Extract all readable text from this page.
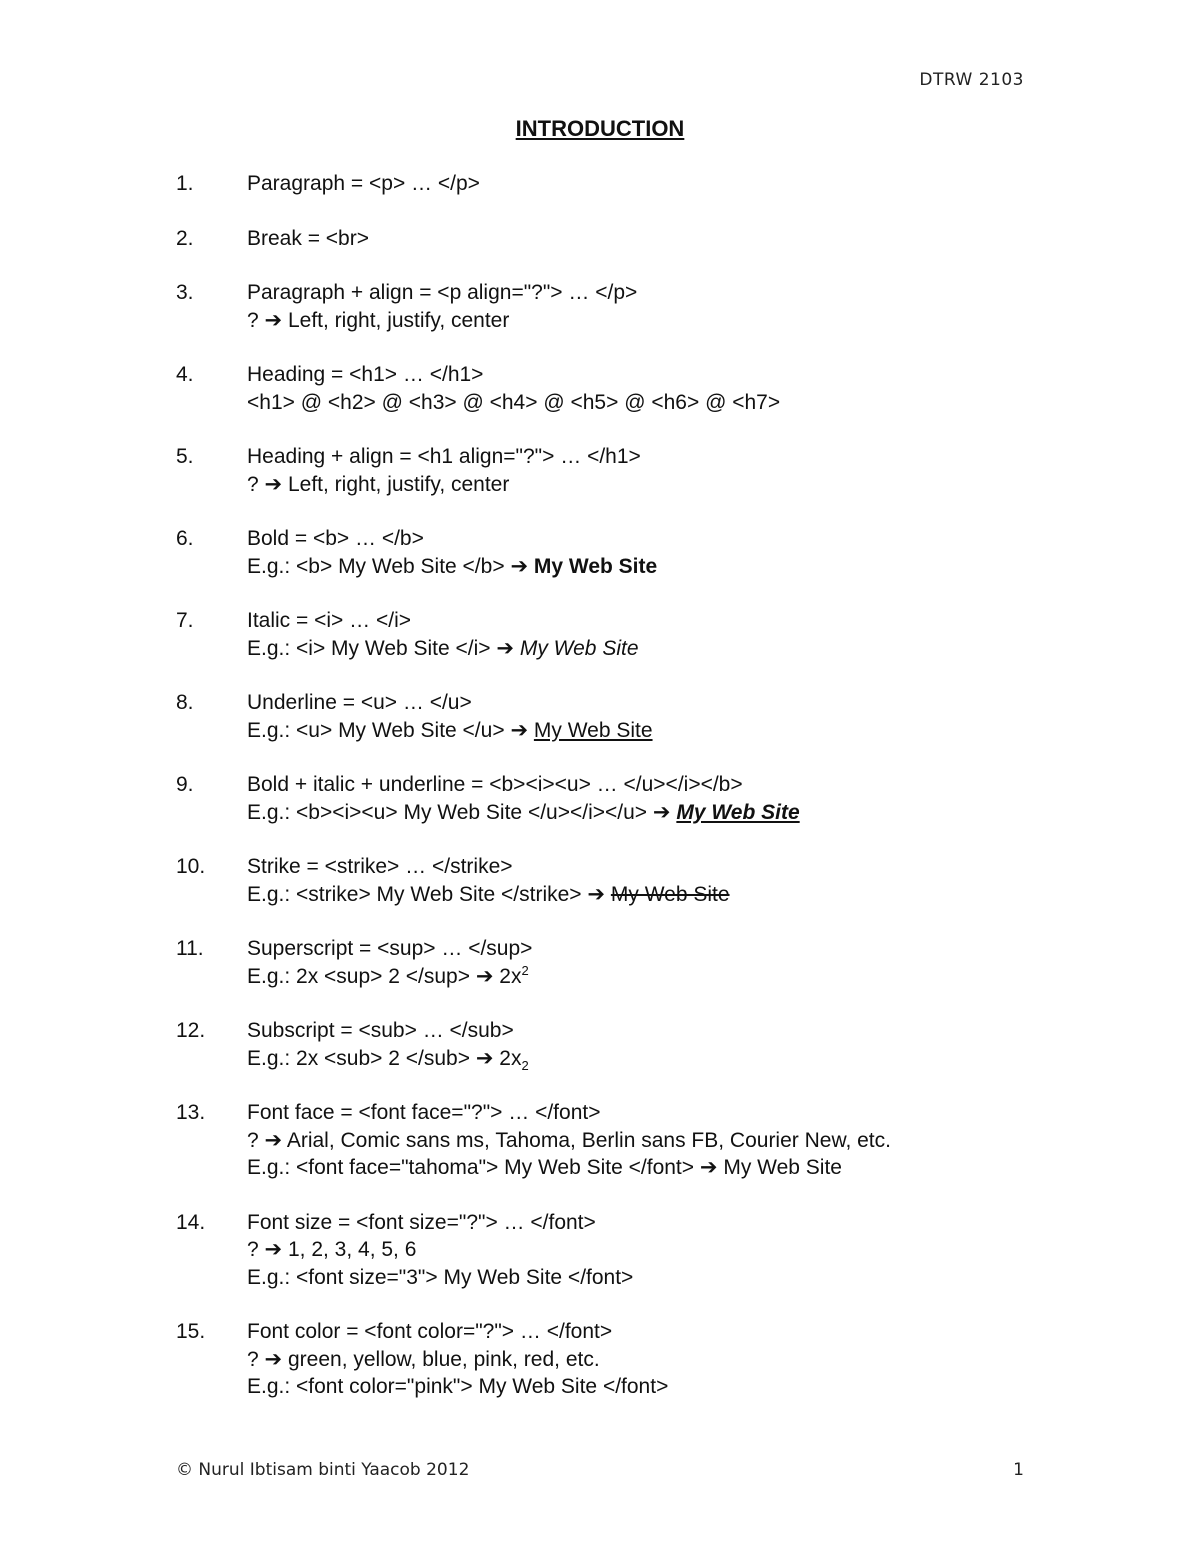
DTRW 2103
INTRODUCTION
1.	Paragraph = <p> … </p>
2.	Break = <br>
3.	Paragraph + align = <p align="?"> … </p>
? ➔ Left, right, justify, center
4.	Heading = <h1> … </h1>
<h1> @ <h2> @ <h3> @ <h4> @ <h5> @ <h6> @ <h7>
5.	Heading + align = <h1 align="?"> … </h1>
? ➔ Left, right, justify, center
6.	Bold = <b> … </b>
E.g.: <b> My Web Site </b> ➔ My Web Site
7.	Italic = <i> … </i>
E.g.: <i> My Web Site </i> ➔ My Web Site
8.	Underline = <u> … </u>
E.g.: <u> My Web Site </u> ➔ My Web Site
9.	Bold + italic + underline = <b><i><u> … </u></i></b>
E.g.: <b><i><u> My Web Site </u></i></u> ➔ My Web Site
10. Strike = <strike> … </strike>
E.g.: <strike> My Web Site </strike> ➔ My Web Site
11. Superscript = <sup> … </sup>
E.g.: 2x <sup> 2 </sup> ➔ $2x^2$
12. Subscript = <sub> … </sub>
E.g.: 2x <sub> 2 </sub> ➔ $2x_2$
13. Font face = <font face="?"> … </font>
? ➔ Arial, Comic sans ms, Tahoma, Berlin sans FB, Courier New, etc.
E.g.: <font face="tahoma"> My Web Site </font> ➔ My Web Site
14. Font size = <font size="?"> … </font>
? ➔ 1, 2, 3, 4, 5, 6
E.g.: <font size="3"> My Web Site </font>
15. Font color = <font color="?"> … </font>
? ➔ green, yellow, blue, pink, red, etc.
E.g.: <font color="pink"> My Web Site </font>
© Nurul Ibtisam binti Yaacob 2012	1
